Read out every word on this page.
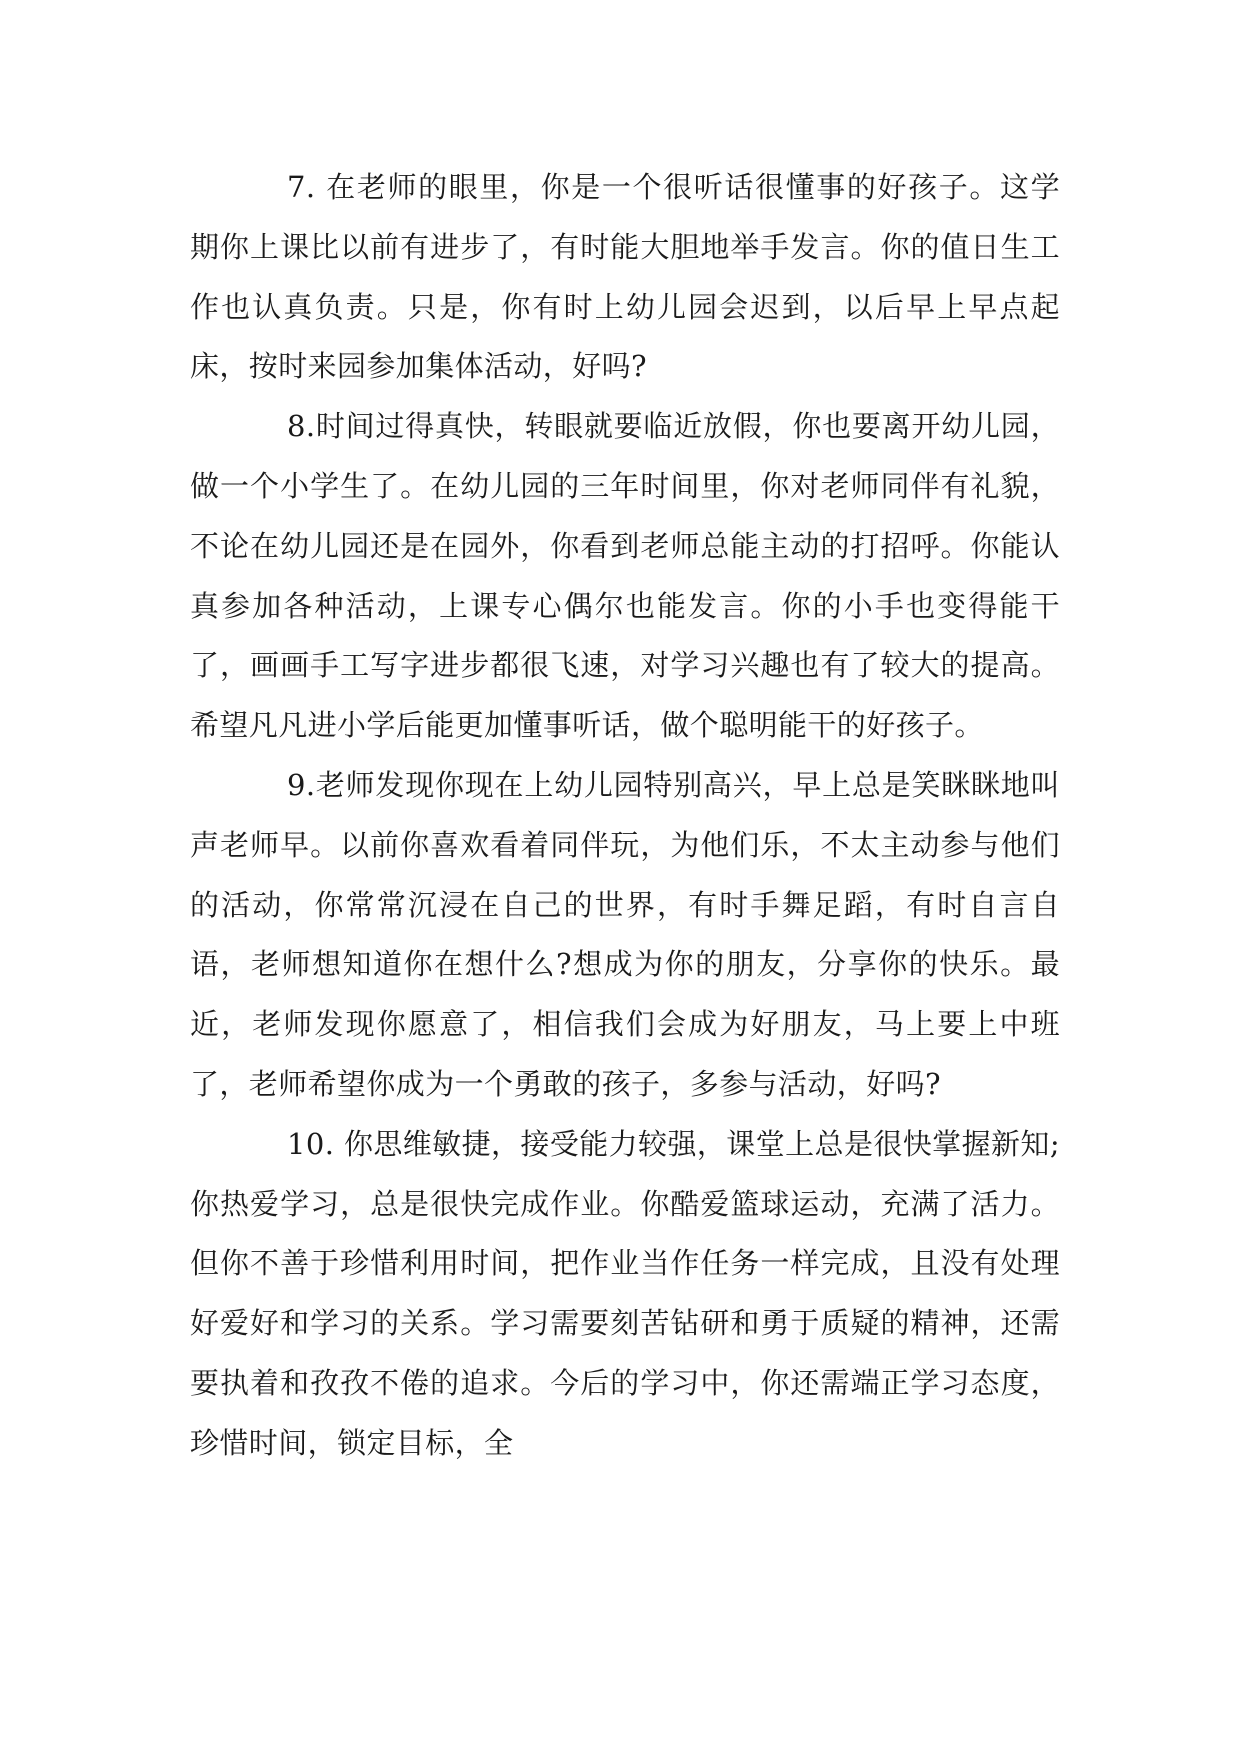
7. 在老师的眼里，你是一个很听话很懂事的好孩子。这学期你上课比以前有进步了，有时能大胆地举手发言。你的值日生工作也认真负责。只是，你有时上幼儿园会迟到，以后早上早点起床，按时来园参加集体活动，好吗?

8.时间过得真快，转眼就要临近放假，你也要离开幼儿园，做一个小学生了。在幼儿园的三年时间里，你对老师同伴有礼貌，不论在幼儿园还是在园外，你看到老师总能主动的打招呼。你能认真参加各种活动，上课专心偶尔也能发言。你的小手也变得能干了，画画手工写字进步都很飞速，对学习兴趣也有了较大的提高。希望凡凡进小学后能更加懂事听话，做个聪明能干的好孩子。

9.老师发现你现在上幼儿园特别高兴，早上总是笑眯眯地叫声老师早。以前你喜欢看着同伴玩，为他们乐，不太主动参与他们的活动，你常常沉浸在自己的世界，有时手舞足蹈，有时自言自语，老师想知道你在想什么?想成为你的朋友，分享你的快乐。最近，老师发现你愿意了，相信我们会成为好朋友，马上要上中班了，老师希望你成为一个勇敢的孩子，多参与活动，好吗?

10. 你思维敏捷，接受能力较强，课堂上总是很快掌握新知;你热爱学习，总是很快完成作业。你酷爱篮球运动，充满了活力。但你不善于珍惜利用时间，把作业当作任务一样完成，且没有处理好爱好和学习的关系。学习需要刻苦钻研和勇于质疑的精神，还需要执着和孜孜不倦的追求。今后的学习中，你还需端正学习态度，珍惜时间，锁定目标，全
